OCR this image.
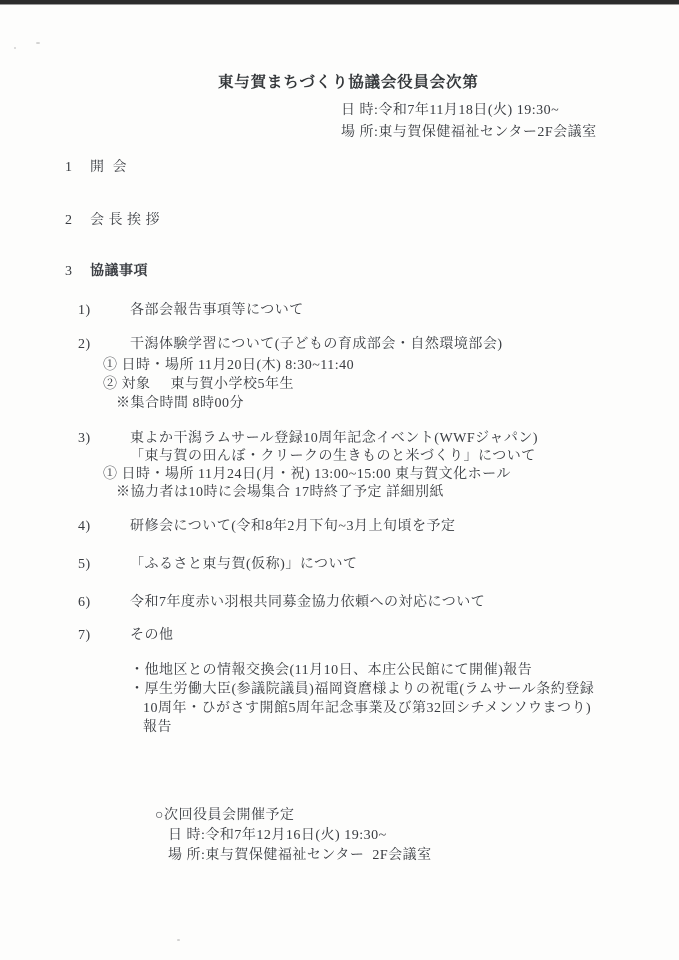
東与賀まちづくり協議会役員会次第
日 時:令和7年11月18日(火) 19:30~
場 所:東与賀保健福祉センター2F会議室
1	開  会
2	会 長 挨 拶
3	協議事項
1)	各部会報告事項等について
2)	干潟体験学習について(子どもの育成部会・自然環境部会)
① 日時・場所 11月20日(木) 8:30~11:40
② 対象     東与賀小学校5年生
※集合時間 8時00分
3)	東よか干潟ラムサール登録10周年記念イベント(WWFジャパン)
「東与賀の田んぼ・クリークの生きものと米づくり」について
① 日時・場所 11月24日(月・祝) 13:00~15:00 東与賀文化ホール
※協力者は10時に会場集合 17時終了予定 詳細別紙
4)	研修会について(令和8年2月下旬~3月上旬頃を予定
5)	「ふるさと東与賀(仮称)」について
6)	令和7年度赤い羽根共同募金協力依頼への対応について
7)	その他
・他地区との情報交換会(11月10日、本庄公民館にて開催)報告
・厚生労働大臣(参議院議員)福岡資麿様よりの祝電(ラムサール条約登録
10周年・ひがさす開館5周年記念事業及び第32回シチメンソウまつり)
報告
○次回役員会開催予定
日 時:令和7年12月16日(火) 19:30~
場 所:東与賀保健福祉センター  2F会議室
